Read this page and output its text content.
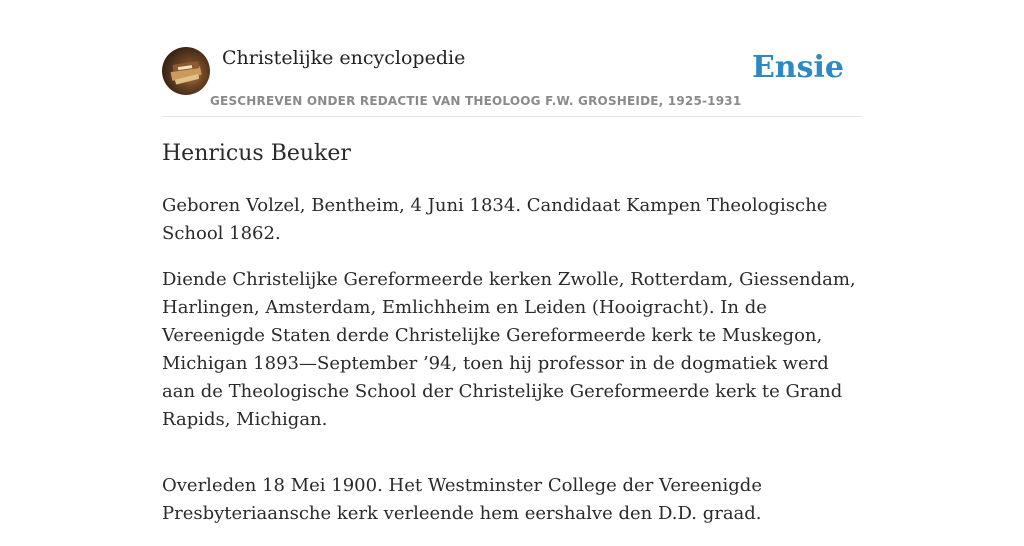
Christelijke encyclopedie
GESCHREVEN ONDER REDACTIE VAN THEOLOOG F.W. GROSHEIDE, 1925-1931
Ensie
Henricus Beuker

Geboren Volzel, Bentheim, 4 Juni 1834. Candidaat Kampen Theologische School 1862.

Diende Christelijke Gereformeerde kerken Zwolle, Rotterdam, Giessendam, Harlingen, Amsterdam, Emlichheim en Leiden (Hooigracht). In de Vereenigde Staten derde Christelijke Gereformeerde kerk te Muskegon, Michigan 1893—September ’94, toen hij professor in de dogmatiek werd aan de Theologische School der Christelijke Gereformeerde kerk te Grand Rapids, Michigan.

Overleden 18 Mei 1900. Het Westminster College der Vereenigde Presbyteriaansche kerk verleende hem eershalve den D.D. graad.
